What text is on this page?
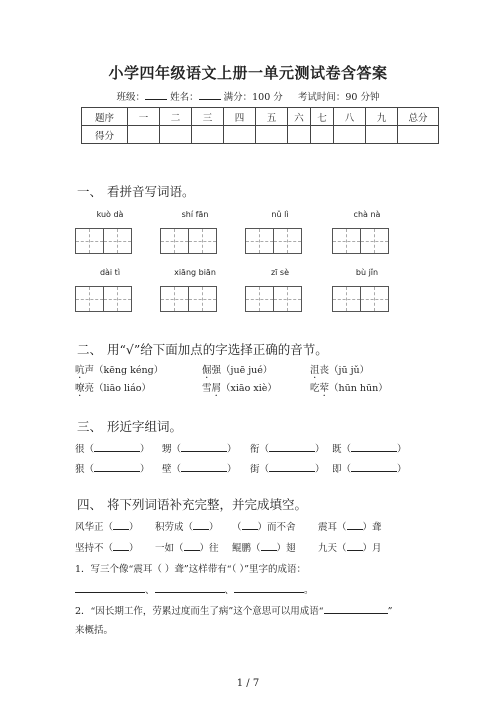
小学四年级语文上册一单元测试卷含答案
班级：	姓名：	满分：100 分 考试时间：90 分钟
题序	一	二	三	四	五	六	七	八	九	总分
得分										
一、 看拼音写词语。
kuò dà	shí fān	nǔ lì	chà nà
dài tì	xiāng biān	zī sè	bù jǐn
二、 用“√”给下面加点的字选择正确的音节。
吭声（kēng kéng）	倔强（juē jué）	沮丧（jū jǔ）
嘹亮（liāo liáo）	雪屑（xiāo xiè）	吃荤（hūn hūn）
三、 形近字组词。
很（	） 甥（	） 衔（	） 既（	）
狠（	） 壁（	） 街（	） 即（	）
四、 将下列词语补充完整，并完成填空。
风华正（ ） 积劳成（ ） （ ）而不舍 震耳（ ）聋
坚持不（ ） 一如（ ）往 鲲鹏（ ）翅 九天（ ）月
1．写三个像“震耳（ ）聋”这样带有“（ ）”里字的成语：
、	、	。
2．“因长期工作，劳累过度而生了病”这个意思可以用成语“	”
来概括。
1 / 7
